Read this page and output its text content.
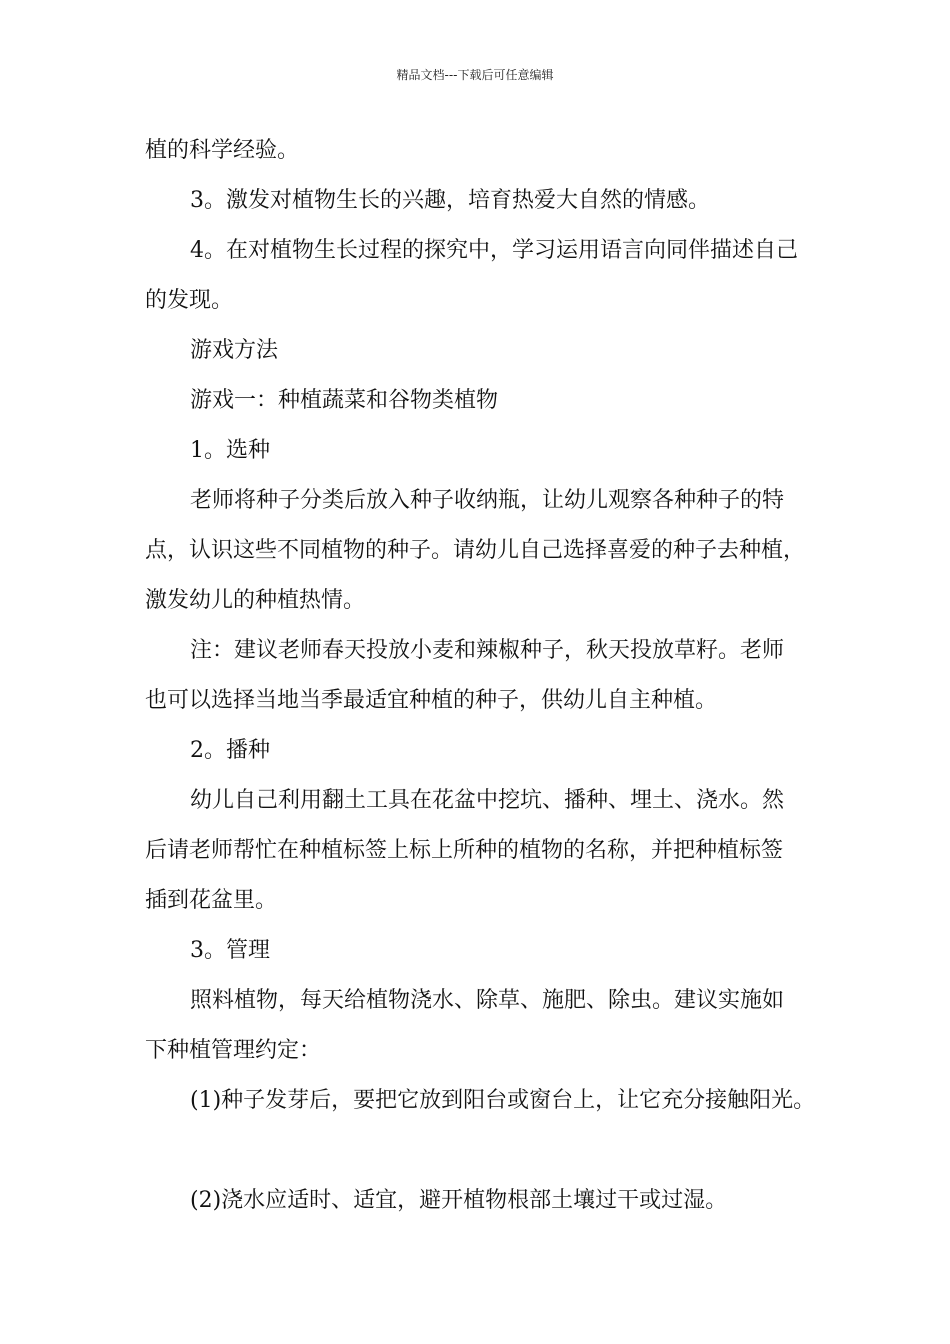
精品文档---下载后可任意编辑
植的科学经验。
3。激发对植物生长的兴趣，培育热爱大自然的情感。
4。在对植物生长过程的探究中，学习运用语言向同伴描述自己
的发现。
游戏方法
游戏一：种植蔬菜和谷物类植物
1。选种
老师将种子分类后放入种子收纳瓶，让幼儿观察各种种子的特
点，认识这些不同植物的种子。请幼儿自己选择喜爱的种子去种植，
激发幼儿的种植热情。
注：建议老师春天投放小麦和辣椒种子，秋天投放草籽。老师
也可以选择当地当季最适宜种植的种子，供幼儿自主种植。
2。播种
幼儿自己利用翻土工具在花盆中挖坑、播种、埋土、浇水。然
后请老师帮忙在种植标签上标上所种的植物的名称，并把种植标签
插到花盆里。
3。管理
照料植物，每天给植物浇水、除草、施肥、除虫。建议实施如
下种植管理约定：
(1)种子发芽后，要把它放到阳台或窗台上，让它充分接触阳光。
(2)浇水应适时、适宜，避开植物根部土壤过干或过湿。
